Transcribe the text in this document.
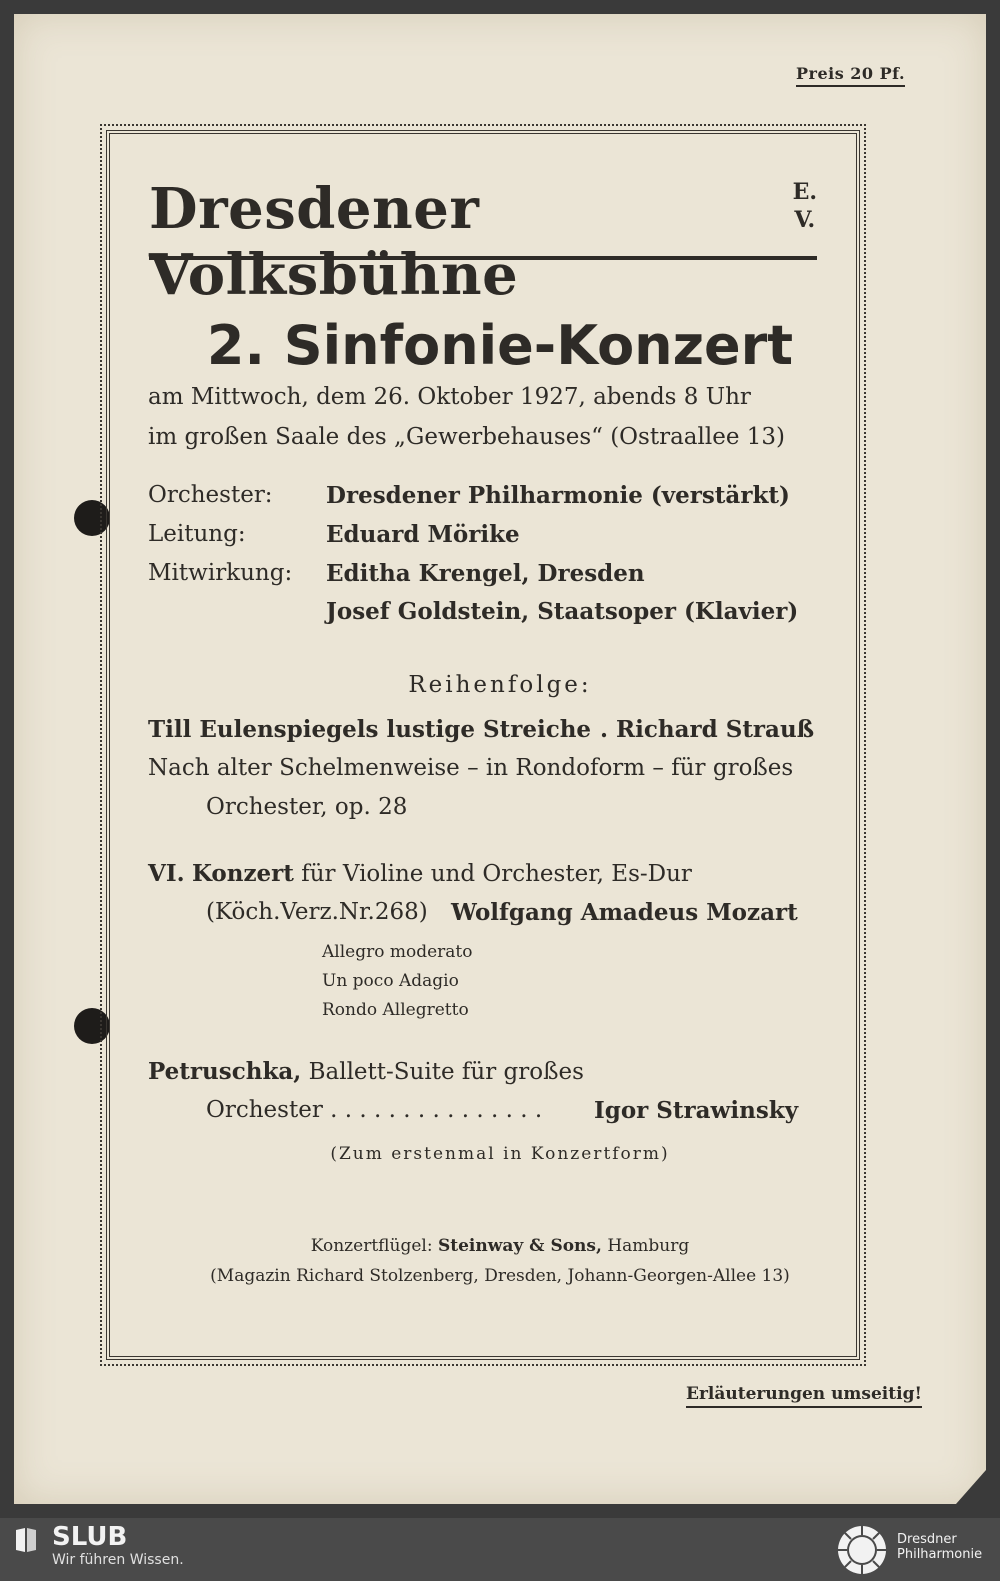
Preis 20 Pf.
Dresdener Volksbühne
E.
V.
2. Sinfonie-Konzert
am Mittwoch, dem 26. Oktober 1927, abends 8 Uhr
im großen Saale des „Gewerbehauses“ (Ostraallee 13)
Orchester: Dresdener Philharmonie (verstärkt)
Leitung:	Eduard Mörike
Mitwirkung: Editha Krengel, Dresden
Josef Goldstein, Staatsoper (Klavier)
Reihenfolge:
Till Eulenspiegels lustige Streiche . Richard Strauß
Nach alter Schelmenweise – in Rondoform – für großes
Orchester, op. 28
VI. Konzert für Violine und Orchester, Es-Dur
(Köch.Verz.Nr.268) Wolfgang Amadeus Mozart
Allegro moderato
Un poco Adagio
Rondo Allegretto
Petruschka, Ballett-Suite für großes
Orchester . . . . . . . . . . . . . . . Igor Strawinsky
(Zum erstenmal in Konzertform)
Konzertflügel: Steinway & Sons, Hamburg
(Magazin Richard Stolzenberg, Dresden, Johann-Georgen-Allee 13)
Erläuterungen umseitig!
SLUB
Wir führen Wissen.
Dresdner
Philharmonie
